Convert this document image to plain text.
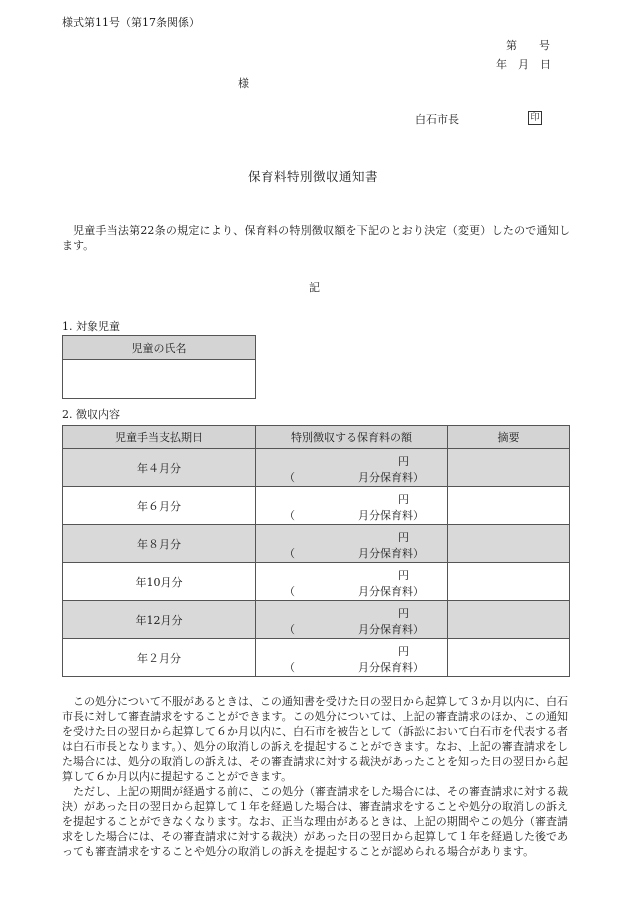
様式第11号（第17条関係）
第　　号
年　月　日
様
白石市長	印
保育料特別徴収通知書

児童手当法第22条の規定により、保育料の特別徴収額を下記のとおり決定（変更）したので通知します。

記
1. 対象児童
児童の氏名

2. 徴収内容
児童手当支払期日	特別徴収する保育料の額	摘要
年４月分	円
（ 月分保育料）	

年６月分	円
（ 月分保育料）	

年８月分	円
（ 月分保育料）	

年10月分	円
（ 月分保育料）	

年12月分	円
（ 月分保育料）	

年２月分	円
（ 月分保育料）	

この処分について不服があるときは、この通知書を受けた日の翌日から起算して３か月以内に、白石市長に対して審査請求をすることができます。この処分については、上記の審査請求のほか、この通知を受けた日の翌日から起算して６か月以内に、白石市を被告として（訴訟において白石市を代表する者は白石市長となります。）、処分の取消しの訴えを提起することができます。なお、上記の審査請求をした場合には、処分の取消しの訴えは、その審査請求に対する裁決があったことを知った日の翌日から起算して６か月以内に提起することができます。

ただし、上記の期間が経過する前に、この処分（審査請求をした場合には、その審査請求に対する裁決）があった日の翌日から起算して１年を経過した場合は、審査請求をすることや処分の取消しの訴えを提起することができなくなります。なお、正当な理由があるときは、上記の期間やこの処分（審査請求をした場合には、その審査請求に対する裁決）があった日の翌日から起算して１年を経過した後であっても審査請求をすることや処分の取消しの訴えを提起することが認められる場合があります。
